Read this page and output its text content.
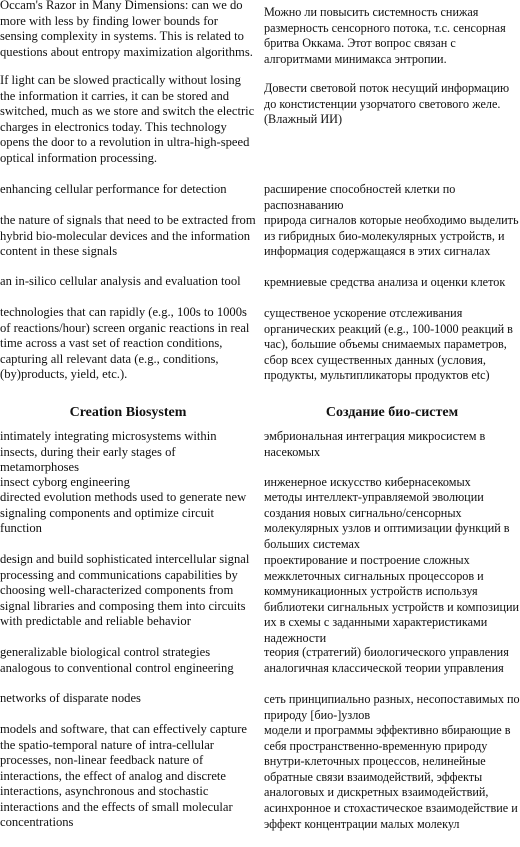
Occam's Razor in Many Dimensions: can we do more with less by finding lower bounds for sensing complexity in systems. This is related to questions about entropy maximization algorithms.
If light can be slowed practically without losing the information it carries, it can be stored and switched, much as we store and switch the electric charges in electronics today. This technology opens the door to a revolution in ultra-high-speed optical information processing.
enhancing cellular performance for detection
the nature of signals that need to be extracted from hybrid bio-molecular devices and the information content in these signals
an in-silico cellular analysis and evaluation tool
technologies that can rapidly (e.g., 100s to 1000s of reactions/hour) screen organic reactions in real time across a vast set of reaction conditions, capturing all relevant data (e.g., conditions, (by)products, yield, etc.).
Creation Biosystem
intimately integrating microsystems within insects, during their early stages of metamorphoses
insect cyborg engineering
directed evolution methods used to generate new signaling components and optimize circuit function
design and build sophisticated intercellular signal processing and communications capabilities by choosing well-characterized components from signal libraries and composing them into circuits with predictable and reliable behavior
generalizable biological control strategies analogous to conventional control engineering
networks of disparate nodes
models and software, that can effectively capture the spatio-temporal nature of intra-cellular processes, non-linear feedback nature of interactions, the effect of analog and discrete interactions, asynchronous and stochastic interactions and the effects of small molecular concentrations
Можно ли повысить системность снижая размерность сенсорного потока, т.с. сенсорная бритва Оккама. Этот вопрос связан с алгоритмами минимакса энтропии.
Довести световой поток несущий информацию до констистенции узорчатого светового желе. (Влажный ИИ)
расширение способностей клетки по распознаванию
природа сигналов которые необходимо выделить из гибридных био-молекулярных устройств, и информация содержащаяся в этих сигналах
кремниевые средства анализа и оценки клеток
существеное ускорение отслеживания органических реакций (e.g., 100-1000 реакций в час), большие объемы снимаемых параметров, сбор всех существенных данных (условия, продукты, мультипликаторы продуктов etc)
Создание био-систем
эмбриональная интеграция микросистем в насекомых
инженерное искусство кибернасекомых
методы интеллект-управляемой эволюции создания новых сигнально/сенсорных молекулярных узлов и оптимизации функций в больших системах
проектирование и построение сложных межклеточных сигнальных процессоров и коммуникационных устройств используя библиотеки сигнальных устройств и композиции их в схемы с заданными характеристиками надежности
теория (стратегий) биологического управления аналогичная классической теории управления
сеть принципиально разных, несопоставимых по природу [био-]узлов
модели и программы эффективно вбирающие в себя пространственно-временную природу внутри-клеточных процессов, нелинейные обратные связи взаимодействий, эффекты аналоговых и дискретных взаимодействий, асинхронное и стохастическое взаимодействие и эффект концентрации малых молекул
